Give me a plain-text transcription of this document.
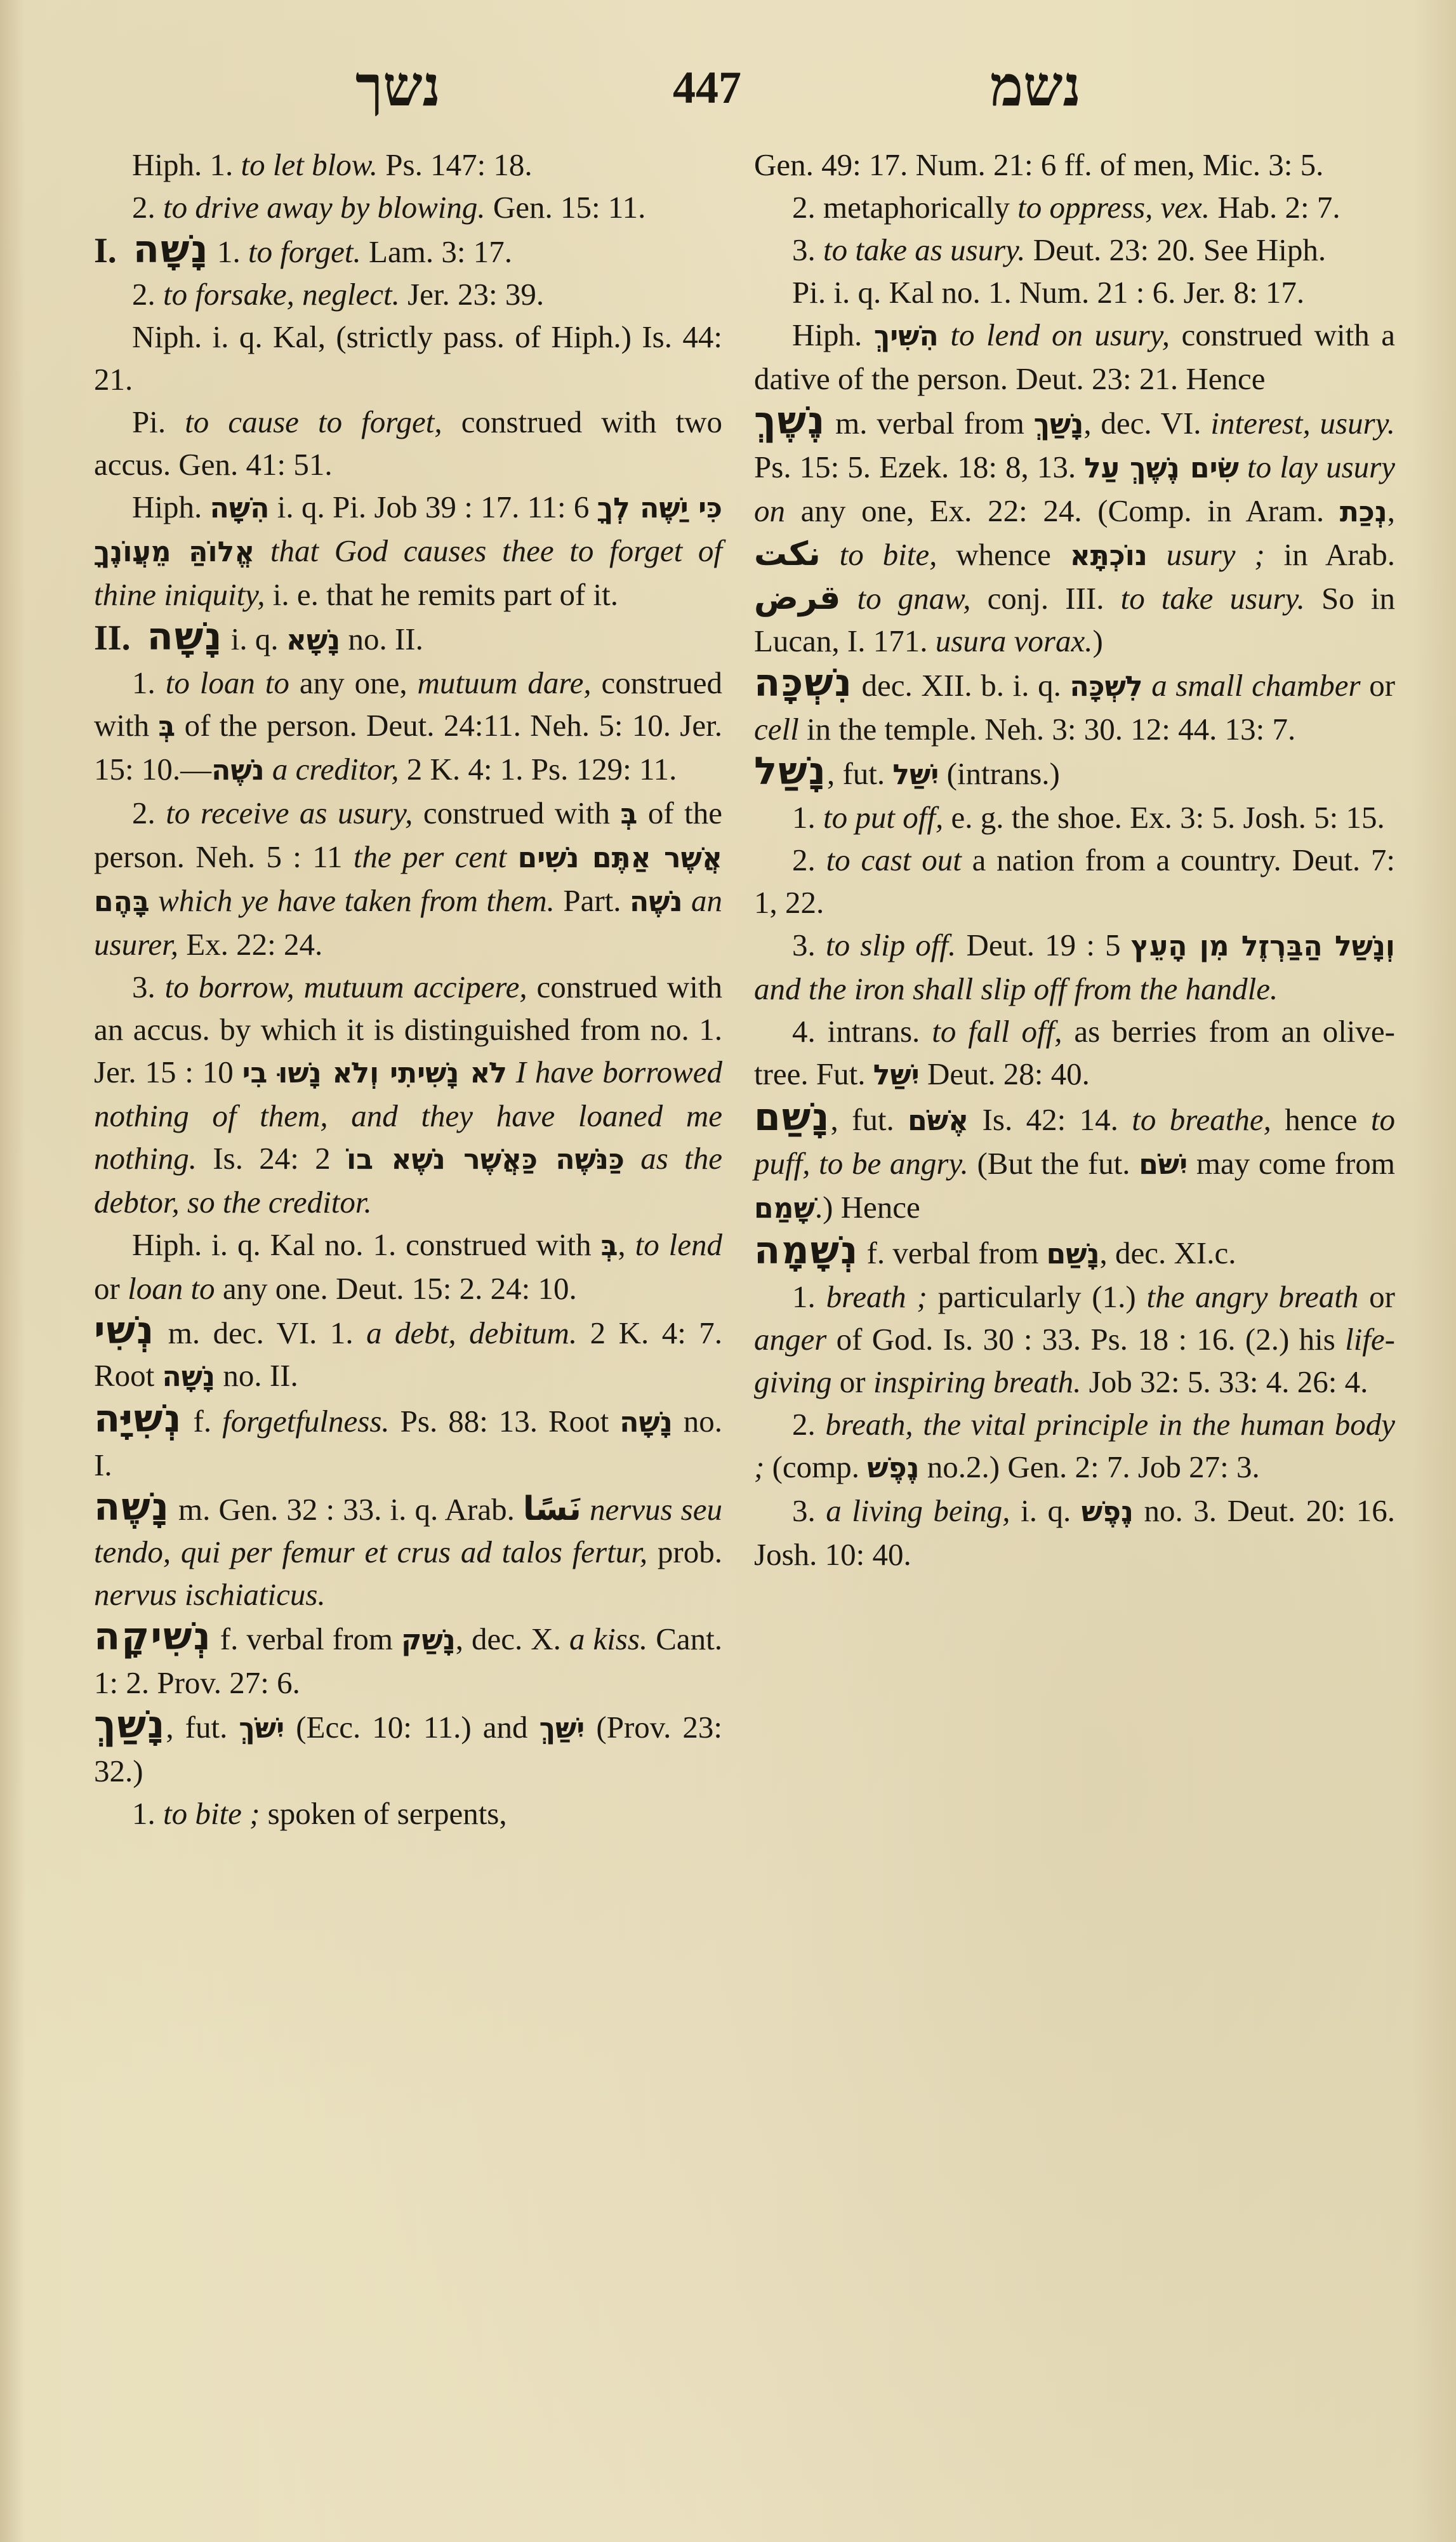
נשך	447	נשמ
Hiph. 1. to let blow. Ps. 147: 18.
2. to drive away by blowing. Gen. 15: 11.
I. נָשָׁה 1. to forget. Lam. 3: 17.
2. to forsake, neglect. Jer. 23: 39.
Niph. i. q. Kal, (strictly pass. of Hiph.) Is. 44: 21.
Pi. to cause to forget, construed with two accus. Gen. 41: 51.
Hiph. הִשָּׁה i. q. Pi. Job 39 : 17. 11: 6 כִּי יַשֶּׁה לְךָ אֱלוֹהַּ מֵעֲוֹנֶךָ that God causes thee to forget of thine iniquity, i. e. that he remits part of it.
II. נָשָׁה i. q. נָשָׁא no. II.
1. to loan to any one, mutuum dare, construed with בְּ of the person. Deut. 24:11. Neh. 5: 10. Jer. 15: 10.—נֹשֶׁה a creditor, 2 K. 4: 1. Ps. 129: 11.
2. to receive as usury, construed with בְּ of the person. Neh. 5 : 11 the per cent אֲשֶׁר אַתֶּם נֹשִׁים בָּהֶם which ye have taken from them. Part. נֹשֶׁה an usurer, Ex. 22: 24.
3. to borrow, mutuum accipere, construed with an accus. by which it is distinguished from no. 1. Jer. 15 : 10 לֹא נָשִׁיתִי וְלֹא נָשׁוּ בִי I have borrowed nothing of them, and they have loaned me nothing. Is. 24: 2 כַּנֹּשֶׁה כַּאֲשֶׁר נֹשֶׁא בוֹ as the debtor, so the creditor.
Hiph. i. q. Kal no. 1. construed with בְּ, to lend or loan to any one. Deut. 15: 2. 24: 10.
נְשִׁי m. dec. VI. 1. a debt, debitum. 2 K. 4: 7. Root נָשָׁה no. II.
נְשִׁיָּה f. forgetfulness. Ps. 88: 13. Root נָשָׁה no. I.
נָשֶׁה m. Gen. 32 : 33. i. q. Arab. نَسًا nervus seu tendo, qui per femur et crus ad talos fertur, prob. nervus ischiaticus.
נְשִׁיקָה f. verbal from נָשַׁק, dec. X. a kiss. Cant. 1: 2. Prov. 27: 6.
נָשַׁךְ, fut. יִשֹּׁךְ (Ecc. 10: 11.) and יִשַּׁךְ (Prov. 23: 32.)
1. to bite ; spoken of serpents,
Gen. 49: 17. Num. 21: 6 ff. of men, Mic. 3: 5.
2. metaphorically to oppress, vex. Hab. 2: 7.
3. to take as usury. Deut. 23: 20. See Hiph.
Pi. i. q. Kal no. 1. Num. 21 : 6. Jer. 8: 17.
Hiph. הִשִּׁיךְ to lend on usury, construed with a dative of the person. Deut. 23: 21. Hence
נֶשֶׁךְ m. verbal from נָשַׁךְ, dec. VI. interest, usury. Ps. 15: 5. Ezek. 18: 8, 13. שִׂים נֶשֶׁךְ עַל to lay usury on any one, Ex. 22: 24. (Comp. in Aram. נְכַת, نكت to bite, whence נוֹכְתָּא usury ; in Arab. قرض to gnaw, conj. III. to take usury. So in Lucan, I. 171. usura vorax.)
נִשְׁכָּה dec. XII. b. i. q. לִשְׁכָּה a small chamber or cell in the temple. Neh. 3: 30. 12: 44. 13: 7.
נָשַׁל, fut. יִשַּׁל (intrans.)
1. to put off, e. g. the shoe. Ex. 3: 5. Josh. 5: 15.
2. to cast out a nation from a country. Deut. 7: 1, 22.
3. to slip off. Deut. 19 : 5 וְנָשַׁל הַבַּרְזֶל מִן הָעֵץ and the iron shall slip off from the handle.
4. intrans. to fall off, as berries from an olive-tree. Fut. יִשַּׁל Deut. 28: 40.
נָשַׁם, fut. אֶשֹּׁם Is. 42: 14. to breathe, hence to puff, to be angry. (But the fut. יִשֹּׁם may come from שָׁמַם.) Hence
נְשָׁמָה f. verbal from נָשַׁם, dec. XI.c.
1. breath ; particularly (1.) the angry breath or anger of God. Is. 30 : 33. Ps. 18 : 16. (2.) his life-giving or inspiring breath. Job 32: 5. 33: 4. 26: 4.
2. breath, the vital principle in the human body ; (comp. נֶפֶשׁ no.2.) Gen. 2: 7. Job 27: 3.
3. a living being, i. q. נֶפֶשׁ no. 3. Deut. 20: 16. Josh. 10: 40.
